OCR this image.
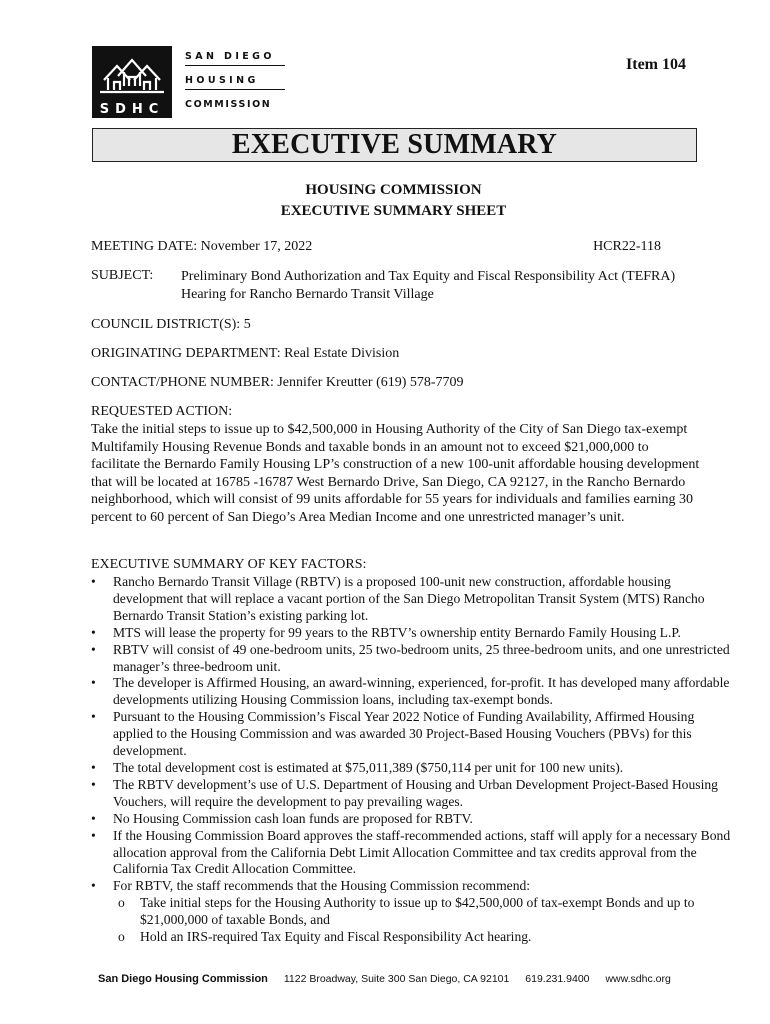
SDHC
SAN DIEGO
HOUSING
COMMISSION
Item 104
EXECUTIVE SUMMARY
HOUSING COMMISSION
EXECUTIVE SUMMARY SHEET
MEETING DATE: November 17, 2022	HCR22-118
SUBJECT: Preliminary Bond Authorization and Tax Equity and Fiscal Responsibility Act (TEFRA) Hearing for Rancho Bernardo Transit Village
COUNCIL DISTRICT(S): 5
ORIGINATING DEPARTMENT: Real Estate Division
CONTACT/PHONE NUMBER: Jennifer Kreutter (619) 578-7709
REQUESTED ACTION:
Take the initial steps to issue up to $42,500,000 in Housing Authority of the City of San Diego tax-exempt Multifamily Housing Revenue Bonds and taxable bonds in an amount not to exceed $21,000,000 to facilitate the Bernardo Family Housing LP’s construction of a new 100-unit affordable housing development that will be located at 16785 -16787 West Bernardo Drive, San Diego, CA 92127, in the Rancho Bernardo neighborhood, which will consist of 99 units affordable for 55 years for individuals and families earning 30 percent to 60 percent of San Diego’s Area Median Income and one unrestricted manager’s unit.
EXECUTIVE SUMMARY OF KEY FACTORS:
• Rancho Bernardo Transit Village (RBTV) is a proposed 100-unit new construction, affordable housing development that will replace a vacant portion of the San Diego Metropolitan Transit System (MTS) Rancho Bernardo Transit Station’s existing parking lot.
• MTS will lease the property for 99 years to the RBTV’s ownership entity Bernardo Family Housing L.P.
• RBTV will consist of 49 one-bedroom units, 25 two-bedroom units, 25 three-bedroom units, and one unrestricted manager’s three-bedroom unit.
• The developer is Affirmed Housing, an award-winning, experienced, for-profit. It has developed many affordable developments utilizing Housing Commission loans, including tax-exempt bonds.
• Pursuant to the Housing Commission’s Fiscal Year 2022 Notice of Funding Availability, Affirmed Housing applied to the Housing Commission and was awarded 30 Project-Based Housing Vouchers (PBVs) for this development.
• The total development cost is estimated at $75,011,389 ($750,114 per unit for 100 new units).
• The RBTV development’s use of U.S. Department of Housing and Urban Development Project-Based Housing Vouchers, will require the development to pay prevailing wages.
• No Housing Commission cash loan funds are proposed for RBTV.
• If the Housing Commission Board approves the staff-recommended actions, staff will apply for a necessary Bond allocation approval from the California Debt Limit Allocation Committee and tax credits approval from the California Tax Credit Allocation Committee.
• For RBTV, the staff recommends that the Housing Commission recommend:
o Take initial steps for the Housing Authority to issue up to $42,500,000 of tax-exempt Bonds and up to $21,000,000 of taxable Bonds, and
o Hold an IRS-required Tax Equity and Fiscal Responsibility Act hearing.
San Diego Housing Commission 1122 Broadway, Suite 300 San Diego, CA 92101 619.231.9400 www.sdhc.org
